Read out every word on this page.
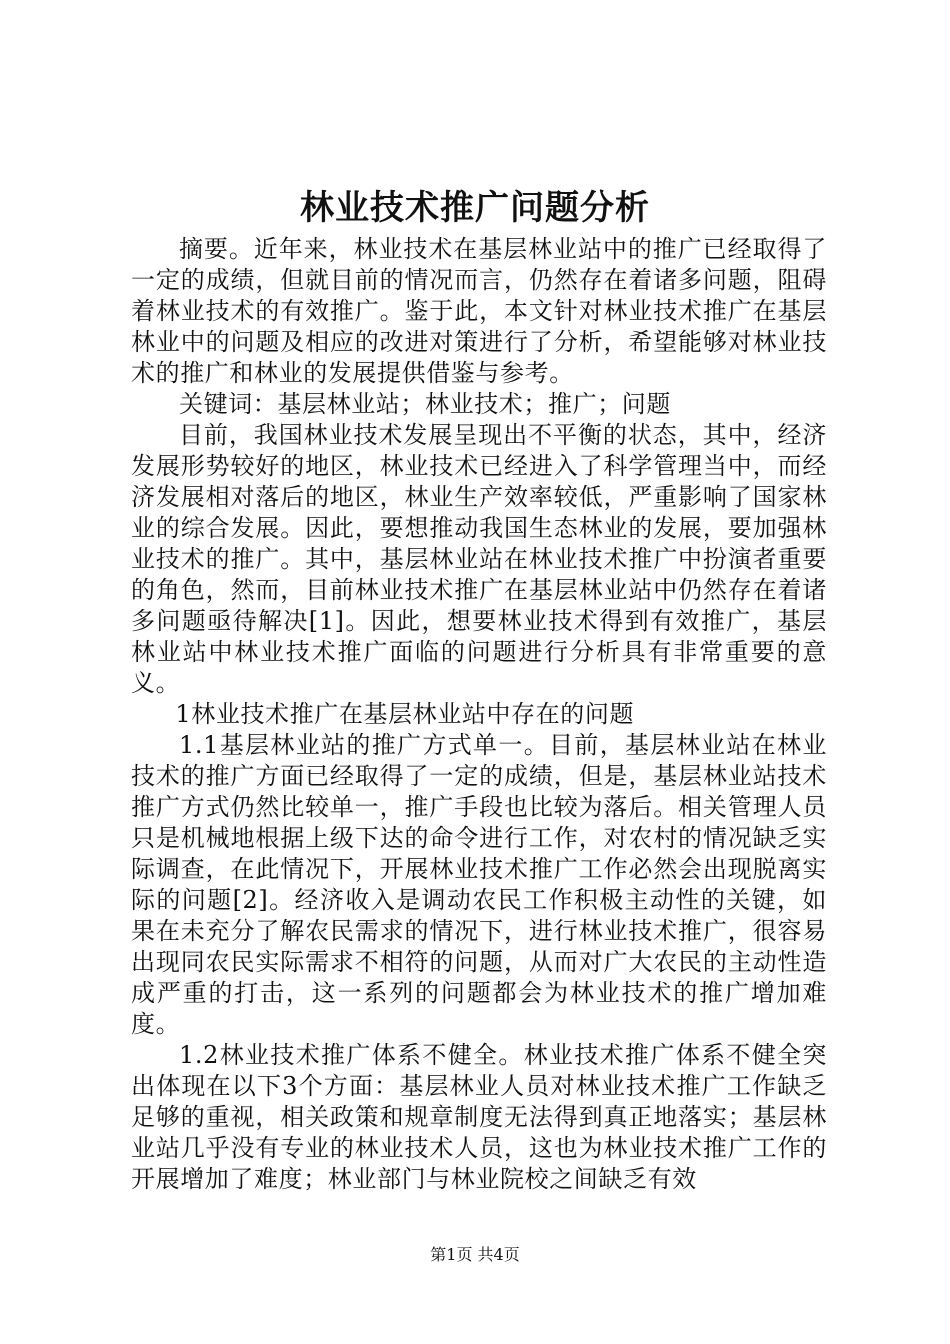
林业技术推广问题分析

摘要。近年来，林业技术在基层林业站中的推广已经取得了一定的成绩，但就目前的情况而言，仍然存在着诸多问题，阻碍着林业技术的有效推广。鉴于此，本文针对林业技术推广在基层林业中的问题及相应的改进对策进行了分析，希望能够对林业技术的推广和林业的发展提供借鉴与参考。

关键词：基层林业站；林业技术；推广；问题

目前，我国林业技术发展呈现出不平衡的状态，其中，经济发展形势较好的地区，林业技术已经进入了科学管理当中，而经济发展相对落后的地区，林业生产效率较低，严重影响了国家林业的综合发展。因此，要想推动我国生态林业的发展，要加强林业技术的推广。其中，基层林业站在林业技术推广中扮演者重要的角色，然而，目前林业技术推广在基层林业站中仍然存在着诸多问题亟待解决[1]。因此，想要林业技术得到有效推广，基层林业站中林业技术推广面临的问题进行分析具有非常重要的意义。

1林业技术推广在基层林业站中存在的问题

1.1基层林业站的推广方式单一。目前，基层林业站在林业技术的推广方面已经取得了一定的成绩，但是，基层林业站技术推广方式仍然比较单一，推广手段也比较为落后。相关管理人员只是机械地根据上级下达的命令进行工作，对农村的情况缺乏实际调查，在此情况下，开展林业技术推广工作必然会出现脱离实际的问题[2]。经济收入是调动农民工作积极主动性的关键，如果在未充分了解农民需求的情况下，进行林业技术推广，很容易出现同农民实际需求不相符的问题，从而对广大农民的主动性造成严重的打击，这一系列的问题都会为林业技术的推广增加难度。

1.2林业技术推广体系不健全。林业技术推广体系不健全突出体现在以下3个方面：基层林业人员对林业技术推广工作缺乏足够的重视，相关政策和规章制度无法得到真正地落实；基层林业站几乎没有专业的林业技术人员，这也为林业技术推广工作的开展增加了难度；林业部门与林业院校之间缺乏有效

第1页 共4页
